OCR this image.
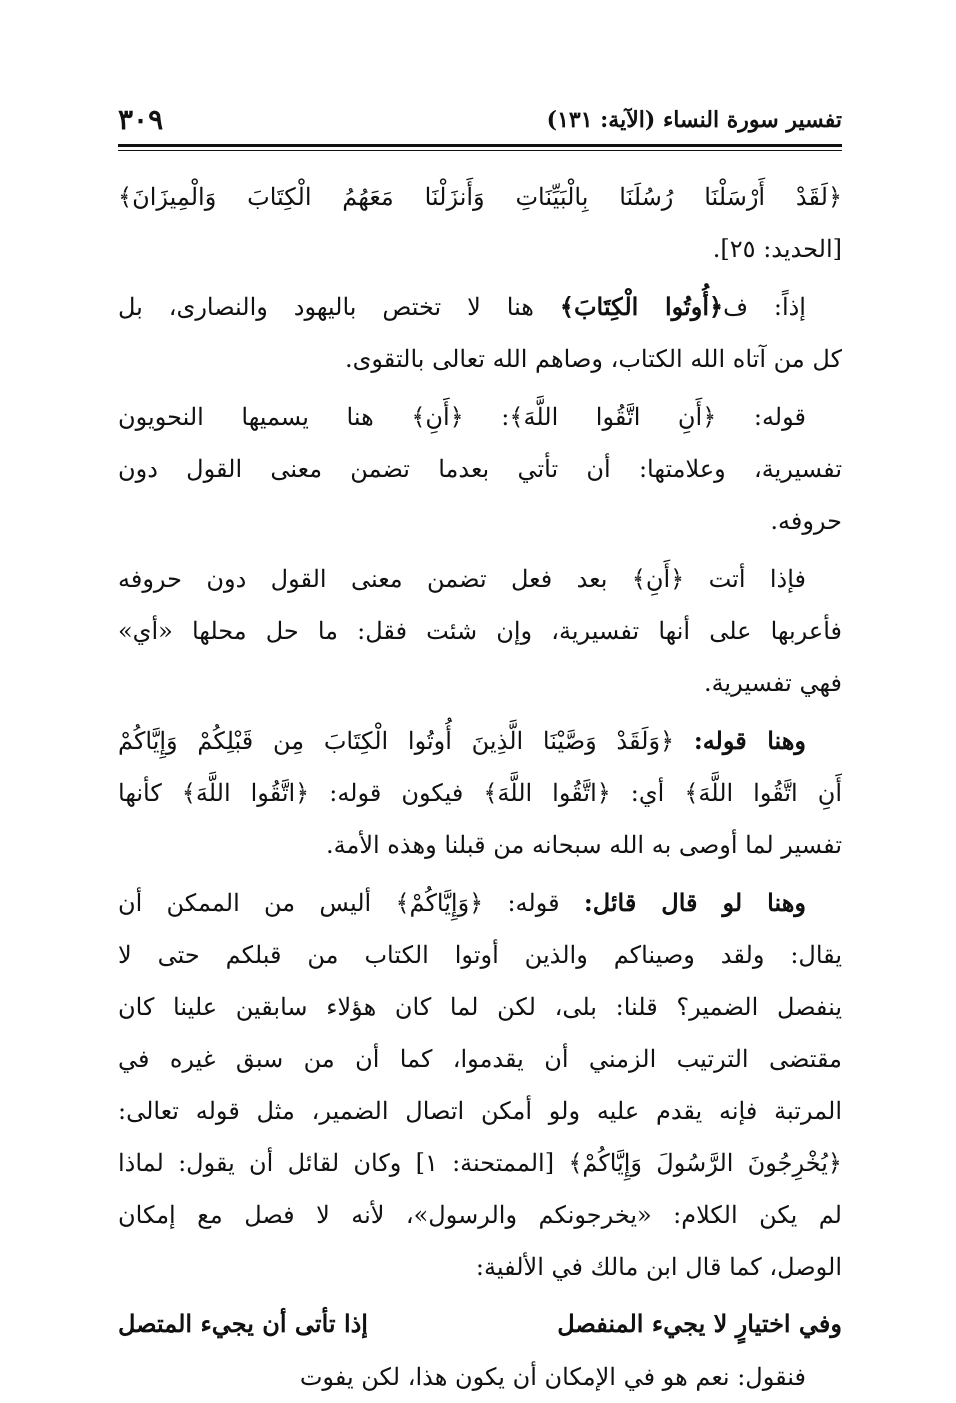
تفسير سورة النساء (الآية: ١٣١)
٣٠٩
﴿لَقَدْ أَرْسَلْنَا رُسُلَنَا بِالْبَيِّنَاتِ وَأَنزَلْنَا مَعَهُمُ الْكِتَابَ وَالْمِيزَانَ﴾
[الحديد: ٢٥].
إذاً: ف﴿أُوتُوا الْكِتَابَ﴾ هنا لا تختص باليهود والنصارى، بل
كل من آتاه الله الكتاب، وصاهم الله تعالى بالتقوى.
قوله: ﴿أَنِ اتَّقُوا اللَّهَ﴾: ﴿أَنِ﴾ هنا يسميها النحويون
تفسيرية، وعلامتها: أن تأتي بعدما تضمن معنى القول دون
حروفه.
فإذا أتت ﴿أَنِ﴾ بعد فعل تضمن معنى القول دون حروفه
فأعربها على أنها تفسيرية، وإن شئت فقل: ما حل محلها «أي»
فهي تفسيرية.
وهنا قوله: ﴿وَلَقَدْ وَصَّيْنَا الَّذِينَ أُوتُوا الْكِتَابَ مِن قَبْلِكُمْ وَإِيَّاكُمْ
أَنِ اتَّقُوا اللَّهَ﴾ أي: ﴿اتَّقُوا اللَّهَ﴾ فيكون قوله: ﴿اتَّقُوا اللَّهَ﴾ كأنها
تفسير لما أوصى به الله سبحانه من قبلنا وهذه الأمة.
وهنا لو قال قائل: قوله: ﴿وَإِيَّاكُمْ﴾ أليس من الممكن أن
يقال: ولقد وصيناكم والذين أوتوا الكتاب من قبلكم حتى لا
ينفصل الضمير؟ قلنا: بلى، لكن لما كان هؤلاء سابقين علينا كان
مقتضى الترتيب الزمني أن يقدموا، كما أن من سبق غيره في
المرتبة فإنه يقدم عليه ولو أمكن اتصال الضمير، مثل قوله تعالى:
﴿يُخْرِجُونَ الرَّسُولَ وَإِيَّاكُمْ﴾ [الممتحنة: ١] وكان لقائل أن يقول: لماذا
لم يكن الكلام: «يخرجونكم والرسول»، لأنه لا فصل مع إمكان
الوصل، كما قال ابن مالك في الألفية:
وفي اختيارٍ لا يجيء المنفصل
إذا تأتى أن يجيء المتصل
فنقول: نعم هو في الإمكان أن يكون هذا، لكن يفوت
